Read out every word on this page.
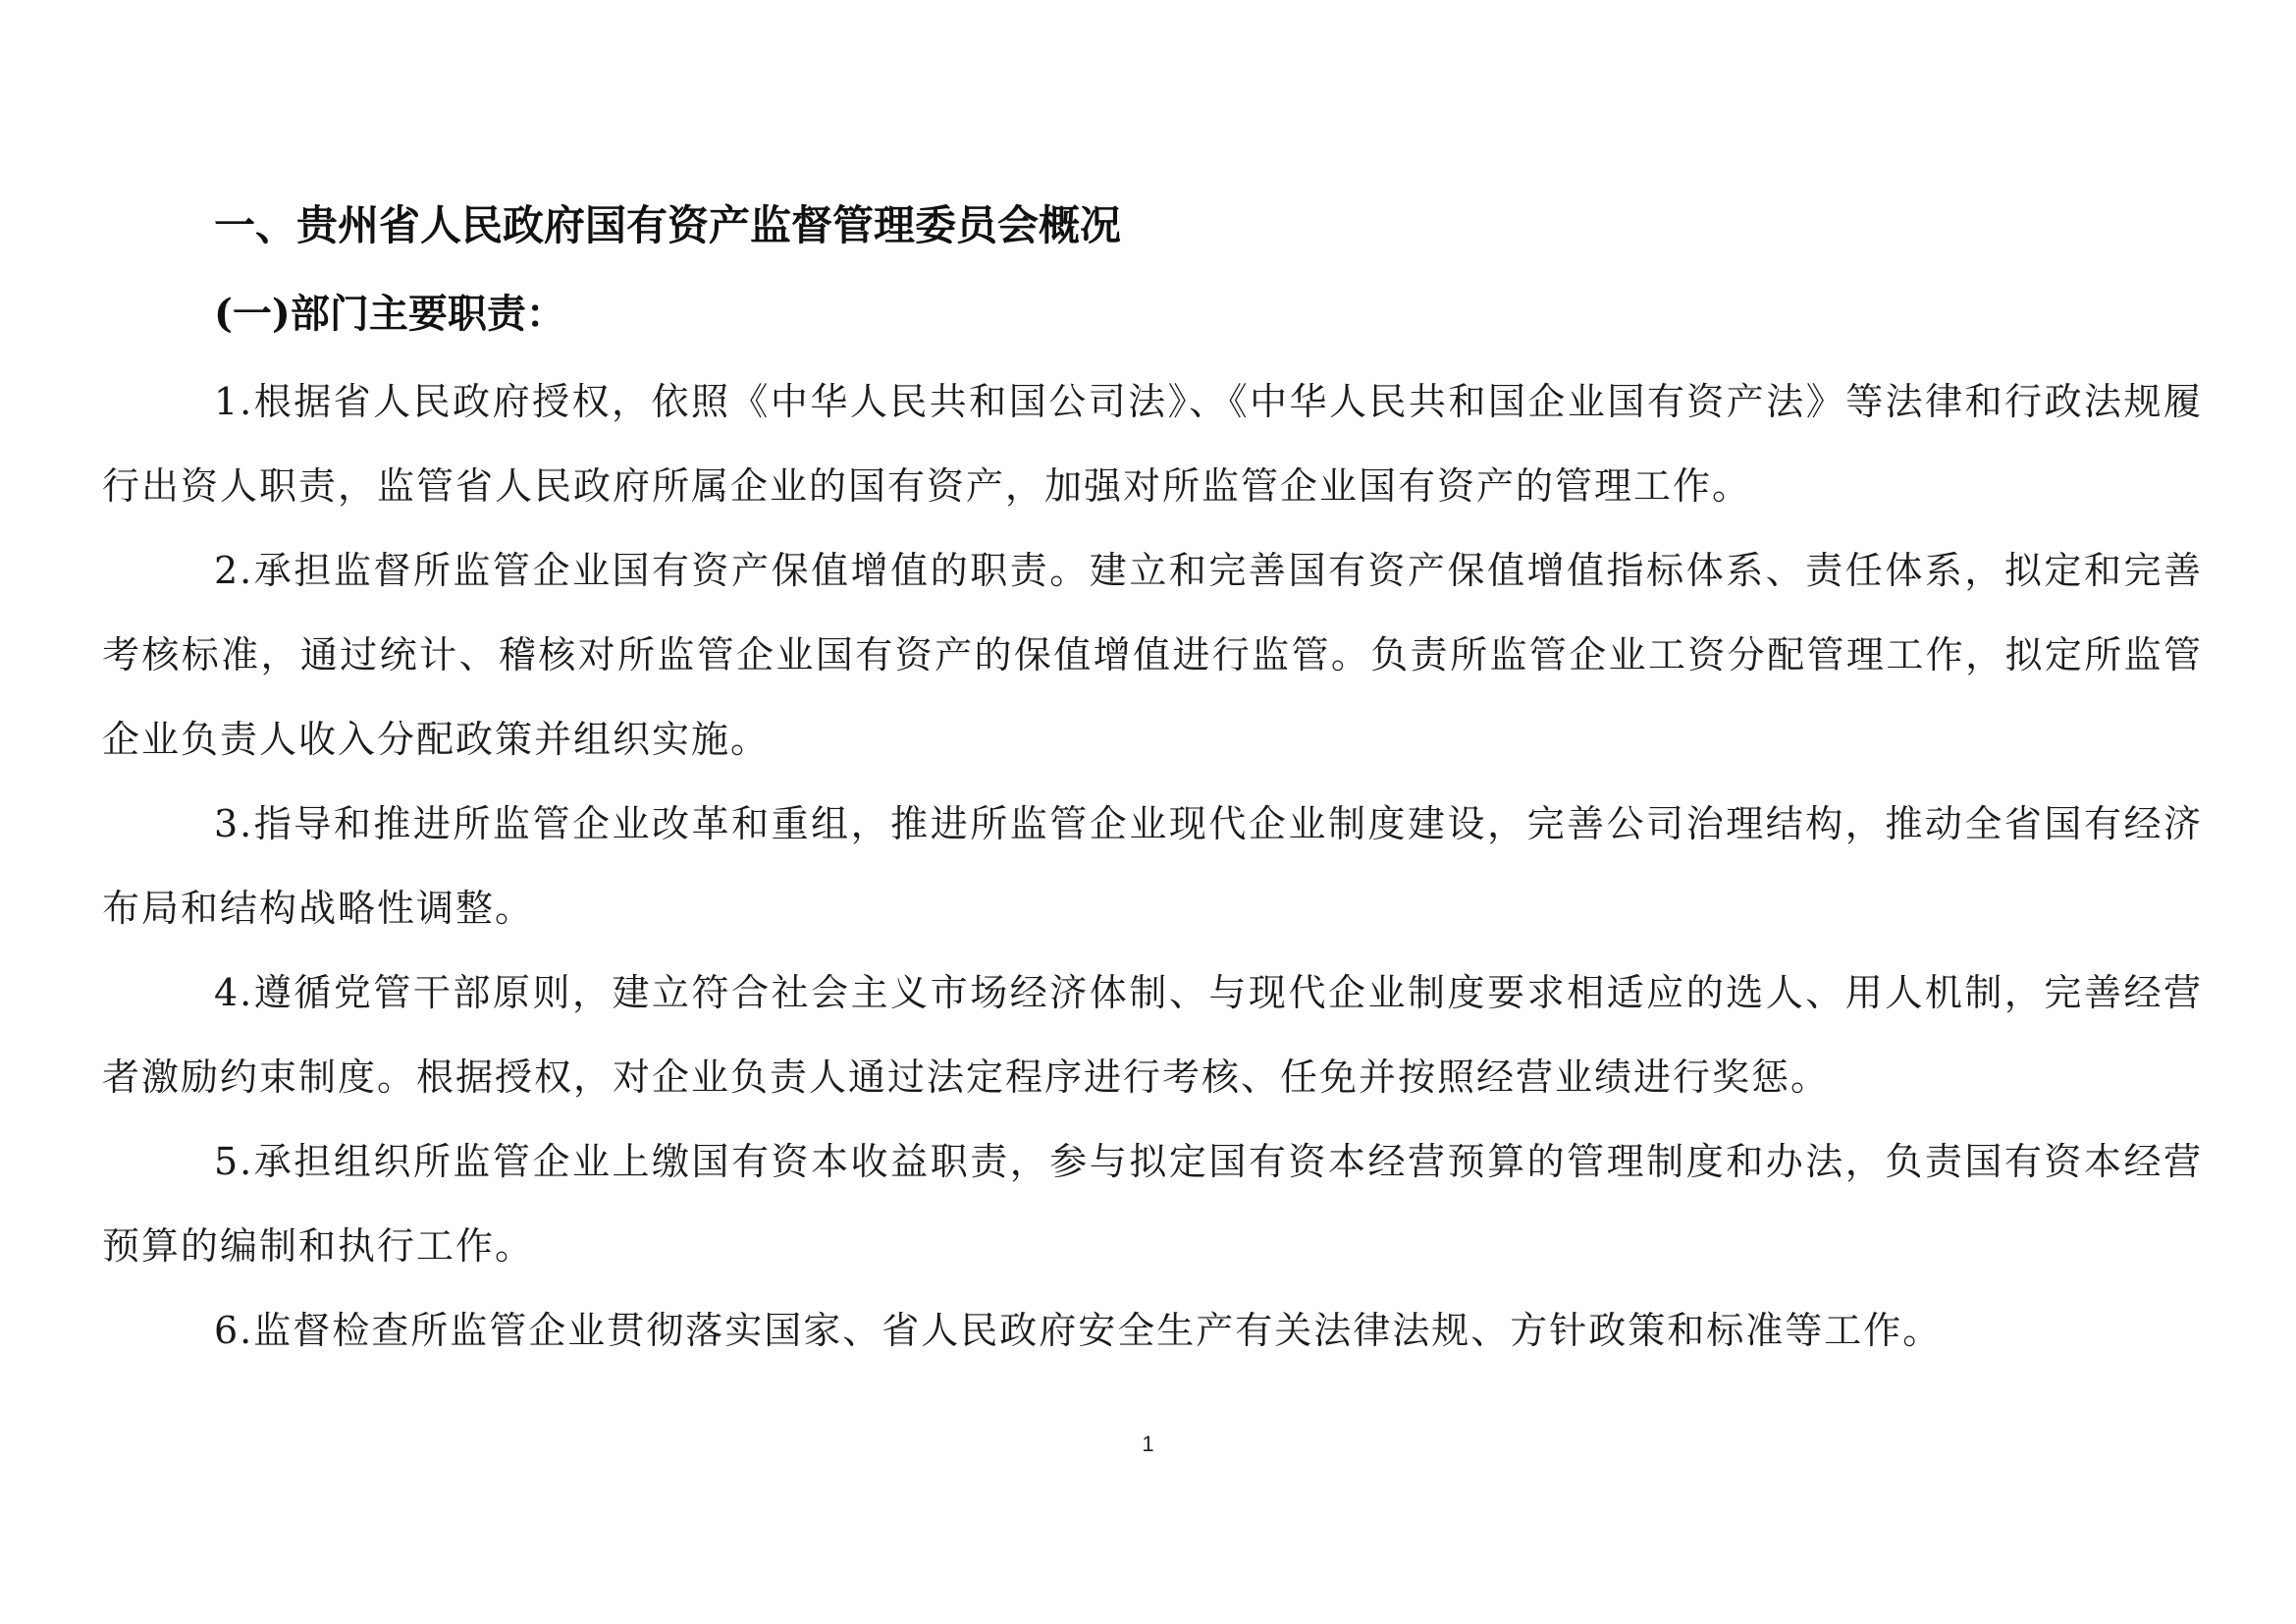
一、贵州省人民政府国有资产监督管理委员会概况
(一)部门主要职责：
1.根据省人民政府授权，依照《中华人民共和国公司法》、《中华人民共和国企业国有资产法》等法律和行政法规履行出资人职责，监管省人民政府所属企业的国有资产，加强对所监管企业国有资产的管理工作。
2.承担监督所监管企业国有资产保值增值的职责。建立和完善国有资产保值增值指标体系、责任体系，拟定和完善考核标准，通过统计、稽核对所监管企业国有资产的保值增值进行监管。负责所监管企业工资分配管理工作，拟定所监管企业负责人收入分配政策并组织实施。
3.指导和推进所监管企业改革和重组，推进所监管企业现代企业制度建设，完善公司治理结构，推动全省国有经济布局和结构战略性调整。
4.遵循党管干部原则，建立符合社会主义市场经济体制、与现代企业制度要求相适应的选人、用人机制，完善经营者激励约束制度。根据授权，对企业负责人通过法定程序进行考核、任免并按照经营业绩进行奖惩。
5.承担组织所监管企业上缴国有资本收益职责，参与拟定国有资本经营预算的管理制度和办法，负责国有资本经营预算的编制和执行工作。
6.监督检查所监管企业贯彻落实国家、省人民政府安全生产有关法律法规、方针政策和标准等工作。
1
